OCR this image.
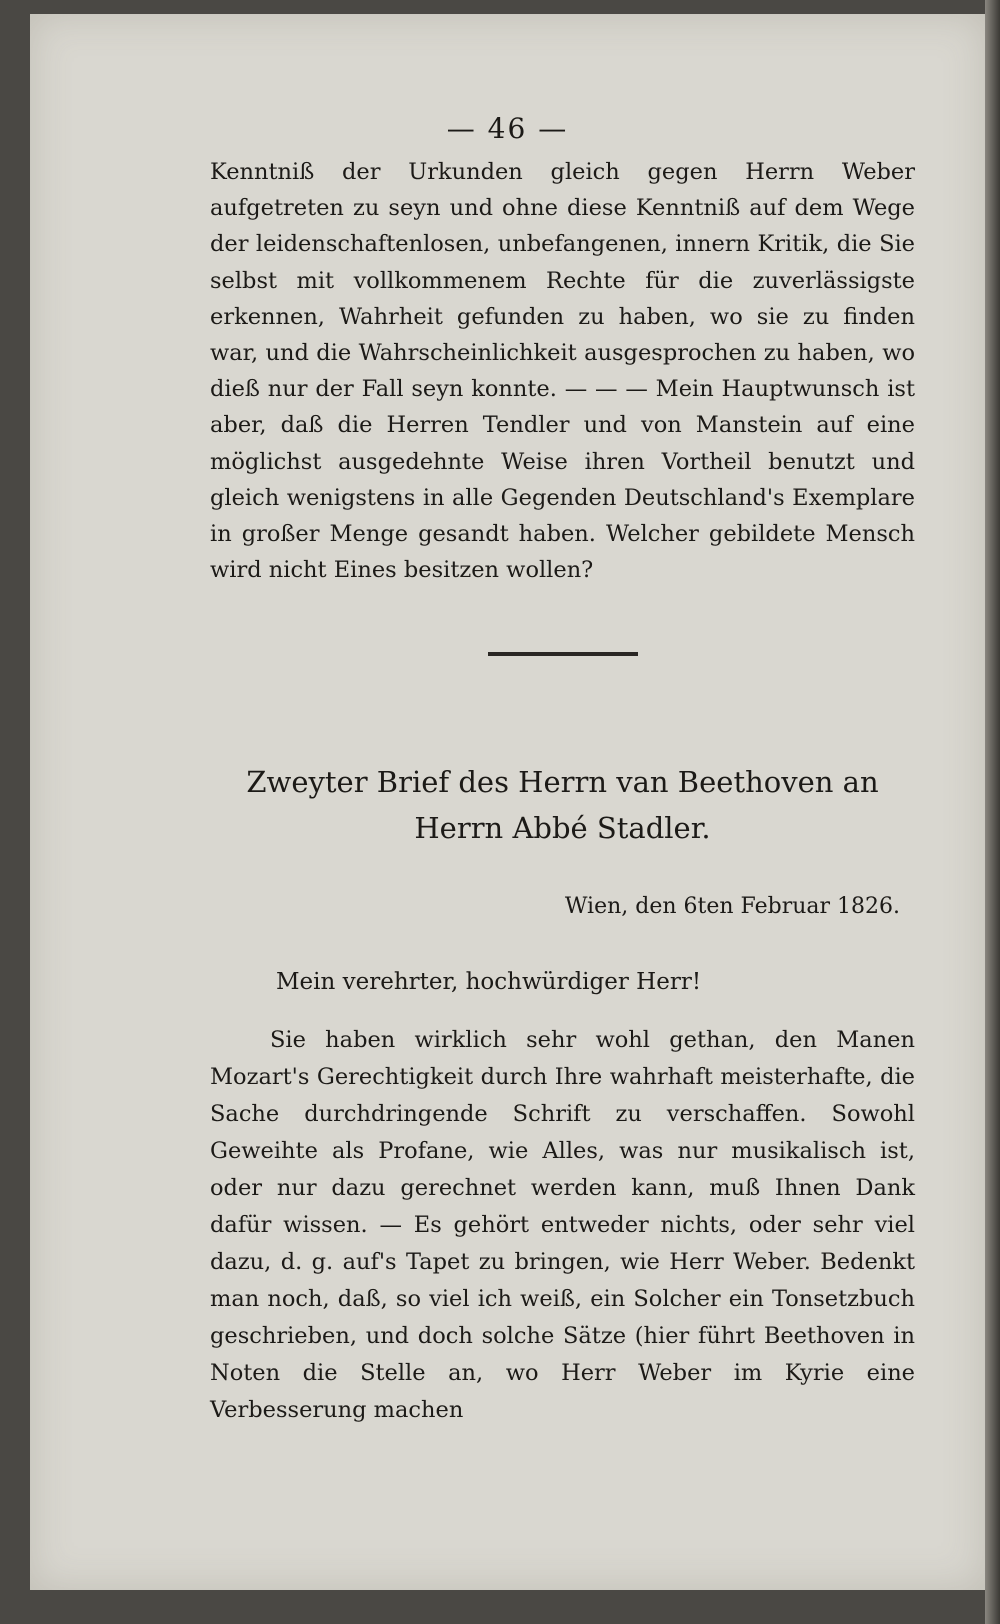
— 46 —
Kenntniß der Urkunden gleich gegen Herrn Weber aufgetreten zu seyn und ohne diese Kenntniß auf dem Wege der leidenschaftenlosen, unbefangenen, innern Kritik, die Sie selbst mit vollkommenem Rechte für die zuverlässigste erkennen, Wahrheit gefunden zu haben, wo sie zu finden war, und die Wahrscheinlichkeit ausgesprochen zu haben, wo dieß nur der Fall seyn konnte. — — — Mein Hauptwunsch ist aber, daß die Herren Tendler und von Manstein auf eine möglichst ausgedehnte Weise ihren Vortheil benutzt und gleich wenigstens in alle Gegenden Deutschland's Exemplare in großer Menge gesandt haben. Welcher gebildete Mensch wird nicht Eines besitzen wollen?
Zweyter Brief des Herrn van Beethoven an Herrn Abbé Stadler.
Wien, den 6ten Februar 1826.
Mein verehrter, hochwürdiger Herr!
Sie haben wirklich sehr wohl gethan, den Manen Mozart's Gerechtigkeit durch Ihre wahrhaft meisterhafte, die Sache durchdringende Schrift zu verschaffen. Sowohl Geweihte als Profane, wie Alles, was nur musikalisch ist, oder nur dazu gerechnet werden kann, muß Ihnen Dank dafür wissen. — Es gehört entweder nichts, oder sehr viel dazu, d. g. auf's Tapet zu bringen, wie Herr Weber. Bedenkt man noch, daß, so viel ich weiß, ein Solcher ein Tonsetzbuch geschrieben, und doch solche Sätze (hier führt Beethoven in Noten die Stelle an, wo Herr Weber im Kyrie eine Verbesserung machen
